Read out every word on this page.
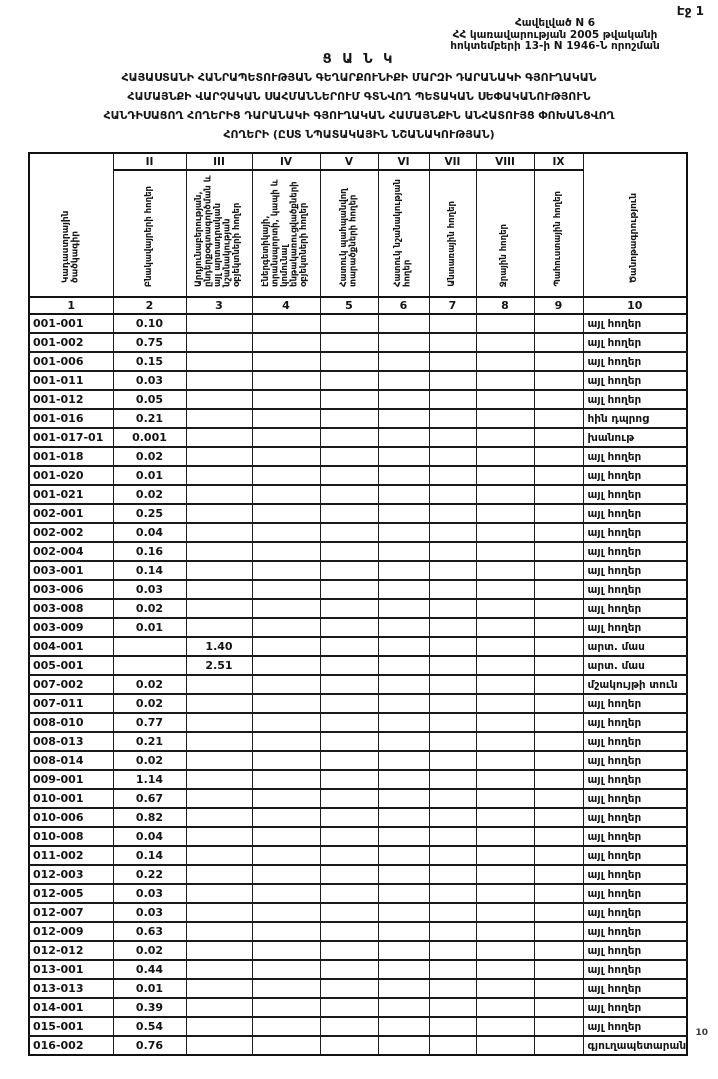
Էջ 1
Հավելված N 6
ՀՀ կառավարության 2005 թվականի
հոկտեմբերի 13-ի N 1946-Ն որոշման
Ց Ա Ն Կ
ՀԱՅԱՍՏԱՆԻ ՀԱՆՐԱՊԵՏՈՒԹՅԱՆ ԳԵՂԱՐՔՈՒՆԻՔԻ ՄԱՐԶԻ ԴԱՐԱՆԱԿԻ ԳՅՈՒՂԱԿԱՆ
ՀԱՄԱՅՆՔԻ ՎԱՐՉԱԿԱՆ ՍԱՀՄԱՆՆԵՐՈՒՄ ԳՏՆՎՈՂ ՊԵՏԱԿԱՆ ՍԵՓԱԿԱՆՈՒԹՅՈՒՆ
ՀԱՆԴԻՍԱՑՈՂ ՀՈՂԵՐԻՑ ԴԱՐԱՆԱԿԻ ԳՅՈՒՂԱԿԱՆ ՀԱՄԱՅՆՔԻՆ ԱՆՀԱՏՈՒՅՑ ՓՈԽԱՆՑՎՈՂ
ՀՈՂԵՐԻ (ԸՍՏ ՆՊԱՏԱԿԱՅԻՆ ՆՇԱՆԱԿՈՒԹՅԱՆ)
Կադաստրային ծածկագիր	II	III	IV	V	VI	VII	VIII	IX	Ծանոթագրություն
	Բնակավայրերի հողեր	Արդյունաբերության, ընդերքօգտագործման և այլ արտադրական նշանակության օբյեկտների հողեր	Էներգետիկայի, տրանսպորտի, կապի և կոմունալ ենթակառուցվածքների օբյեկտների հողեր	Հատուկ պահպանվող տարածքների հողեր	Հատուկ նշանակության հողեր	Անտառային հողեր	Ջրային հողեր	Պահուստային հողեր	
1	2	3	4	5	6	7	8	9	10
001-001	0.10								այլ հողեր
001-002	0.75								այլ հողեր
001-006	0.15								այլ հողեր
001-011	0.03								այլ հողեր
001-012	0.05								այլ հողեր
001-016	0.21								հին դպրոց
001-017-01	0.001								խանութ
001-018	0.02								այլ հողեր
001-020	0.01								այլ հողեր
001-021	0.02								այլ հողեր
002-001	0.25								այլ հողեր
002-002	0.04								այլ հողեր
002-004	0.16								այլ հողեր
003-001	0.14								այլ հողեր
003-006	0.03								այլ հողեր
003-008	0.02								այլ հողեր
003-009	0.01								այլ հողեր
004-001		1.40							արտ. մաս
005-001		2.51							արտ. մաս
007-002	0.02								մշակույթի տուն
007-011	0.02								այլ հողեր
008-010	0.77								այլ հողեր
008-013	0.21								այլ հողեր
008-014	0.02								այլ հողեր
009-001	1.14								այլ հողեր
010-001	0.67								այլ հողեր
010-006	0.82								այլ հողեր
010-008	0.04								այլ հողեր
011-002	0.14								այլ հողեր
012-003	0.22								այլ հողեր
012-005	0.03								այլ հողեր
012-007	0.03								այլ հողեր
012-009	0.63								այլ հողեր
012-012	0.02								այլ հողեր
013-001	0.44								այլ հողեր
013-013	0.01								այլ հողեր
014-001	0.39								այլ հողեր
015-001	0.54								այլ հողեր
016-002	0.76								գյուղապետարան
10
